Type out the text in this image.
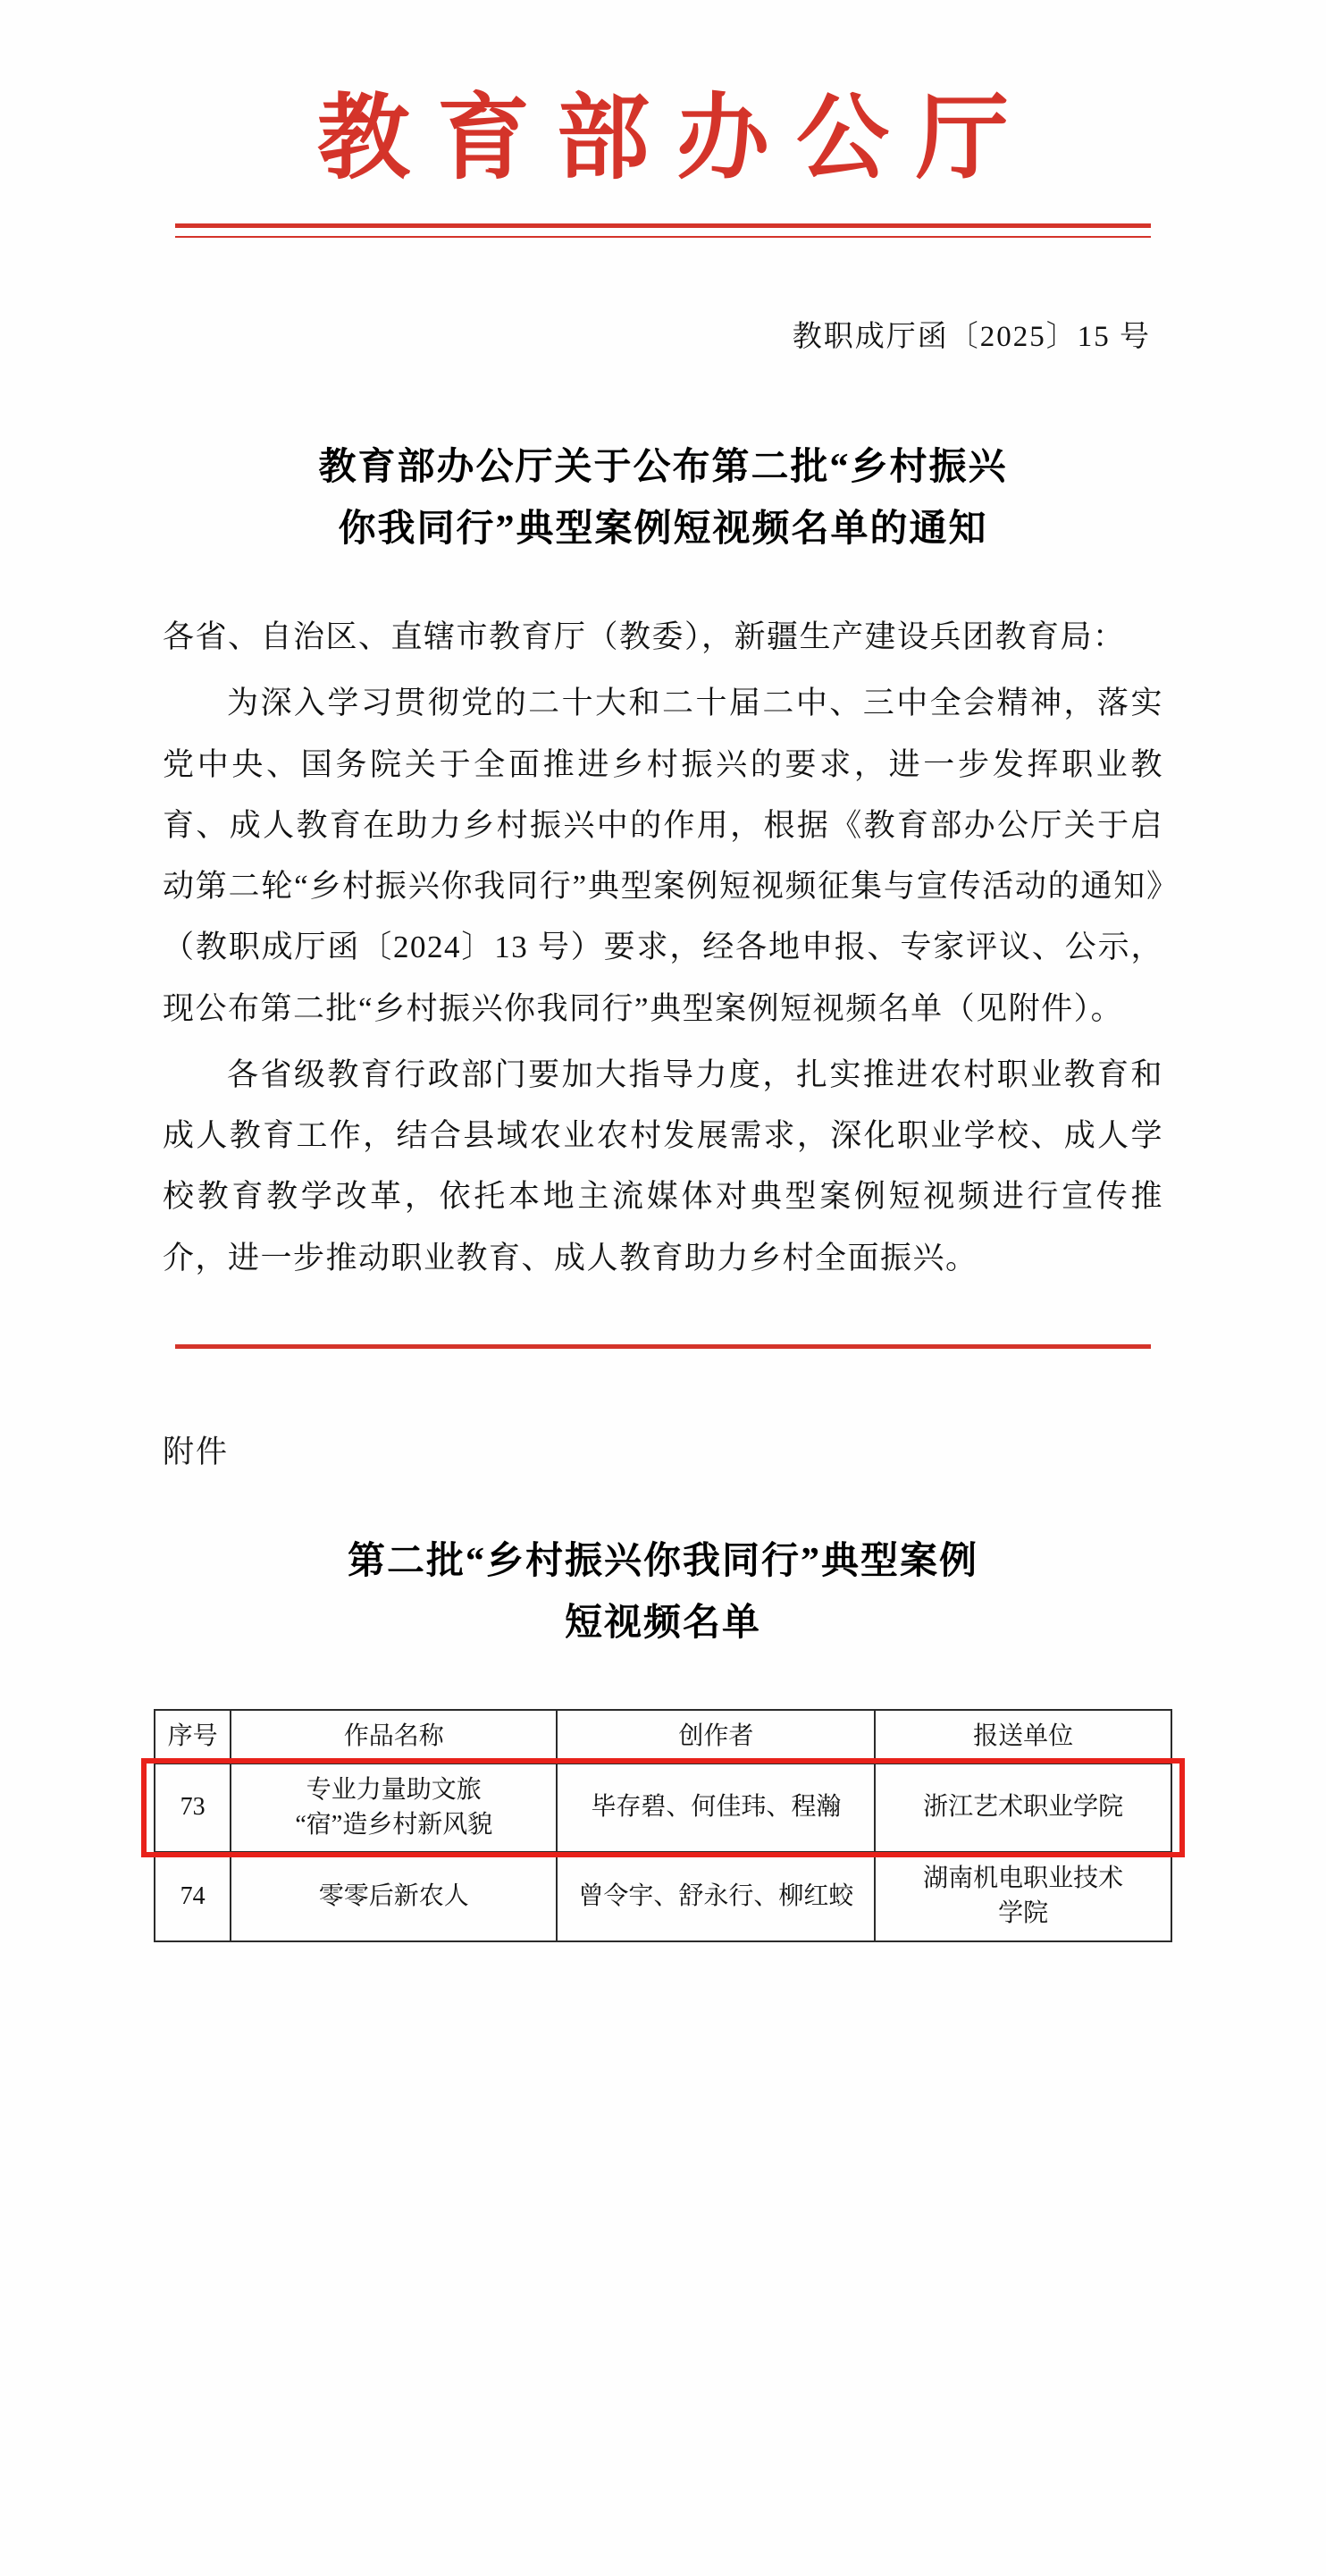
教育部办公厅
教职成厅函〔2025〕15 号
教育部办公厅关于公布第二批“乡村振兴
你我同行”典型案例短视频名单的通知

各省、自治区、直辖市教育厅（教委），新疆生产建设兵团教育局：

为深入学习贯彻党的二十大和二十届二中、三中全会精神，落实党中央、国务院关于全面推进乡村振兴的要求，进一步发挥职业教育、成人教育在助力乡村振兴中的作用，根据《教育部办公厅关于启动第二轮“乡村振兴你我同行”典型案例短视频征集与宣传活动的通知》（教职成厅函〔2024〕13 号）要求，经各地申报、专家评议、公示，现公布第二批“乡村振兴你我同行”典型案例短视频名单（见附件）。

各省级教育行政部门要加大指导力度，扎实推进农村职业教育和成人教育工作，结合县域农业农村发展需求，深化职业学校、成人学校教育教学改革，依托本地主流媒体对典型案例短视频进行宣传推介，进一步推动职业教育、成人教育助力乡村全面振兴。

附件
第二批“乡村振兴你我同行”典型案例
短视频名单
序号	作品名称	创作者	报送单位
73	专业力量助文旅
“宿”造乡村新风貌	毕存碧、何佳玮、程瀚	浙江艺术职业学院

74	零零后新农人	曾令宇、舒永行、柳红蛟	湖南机电职业技术
学院
